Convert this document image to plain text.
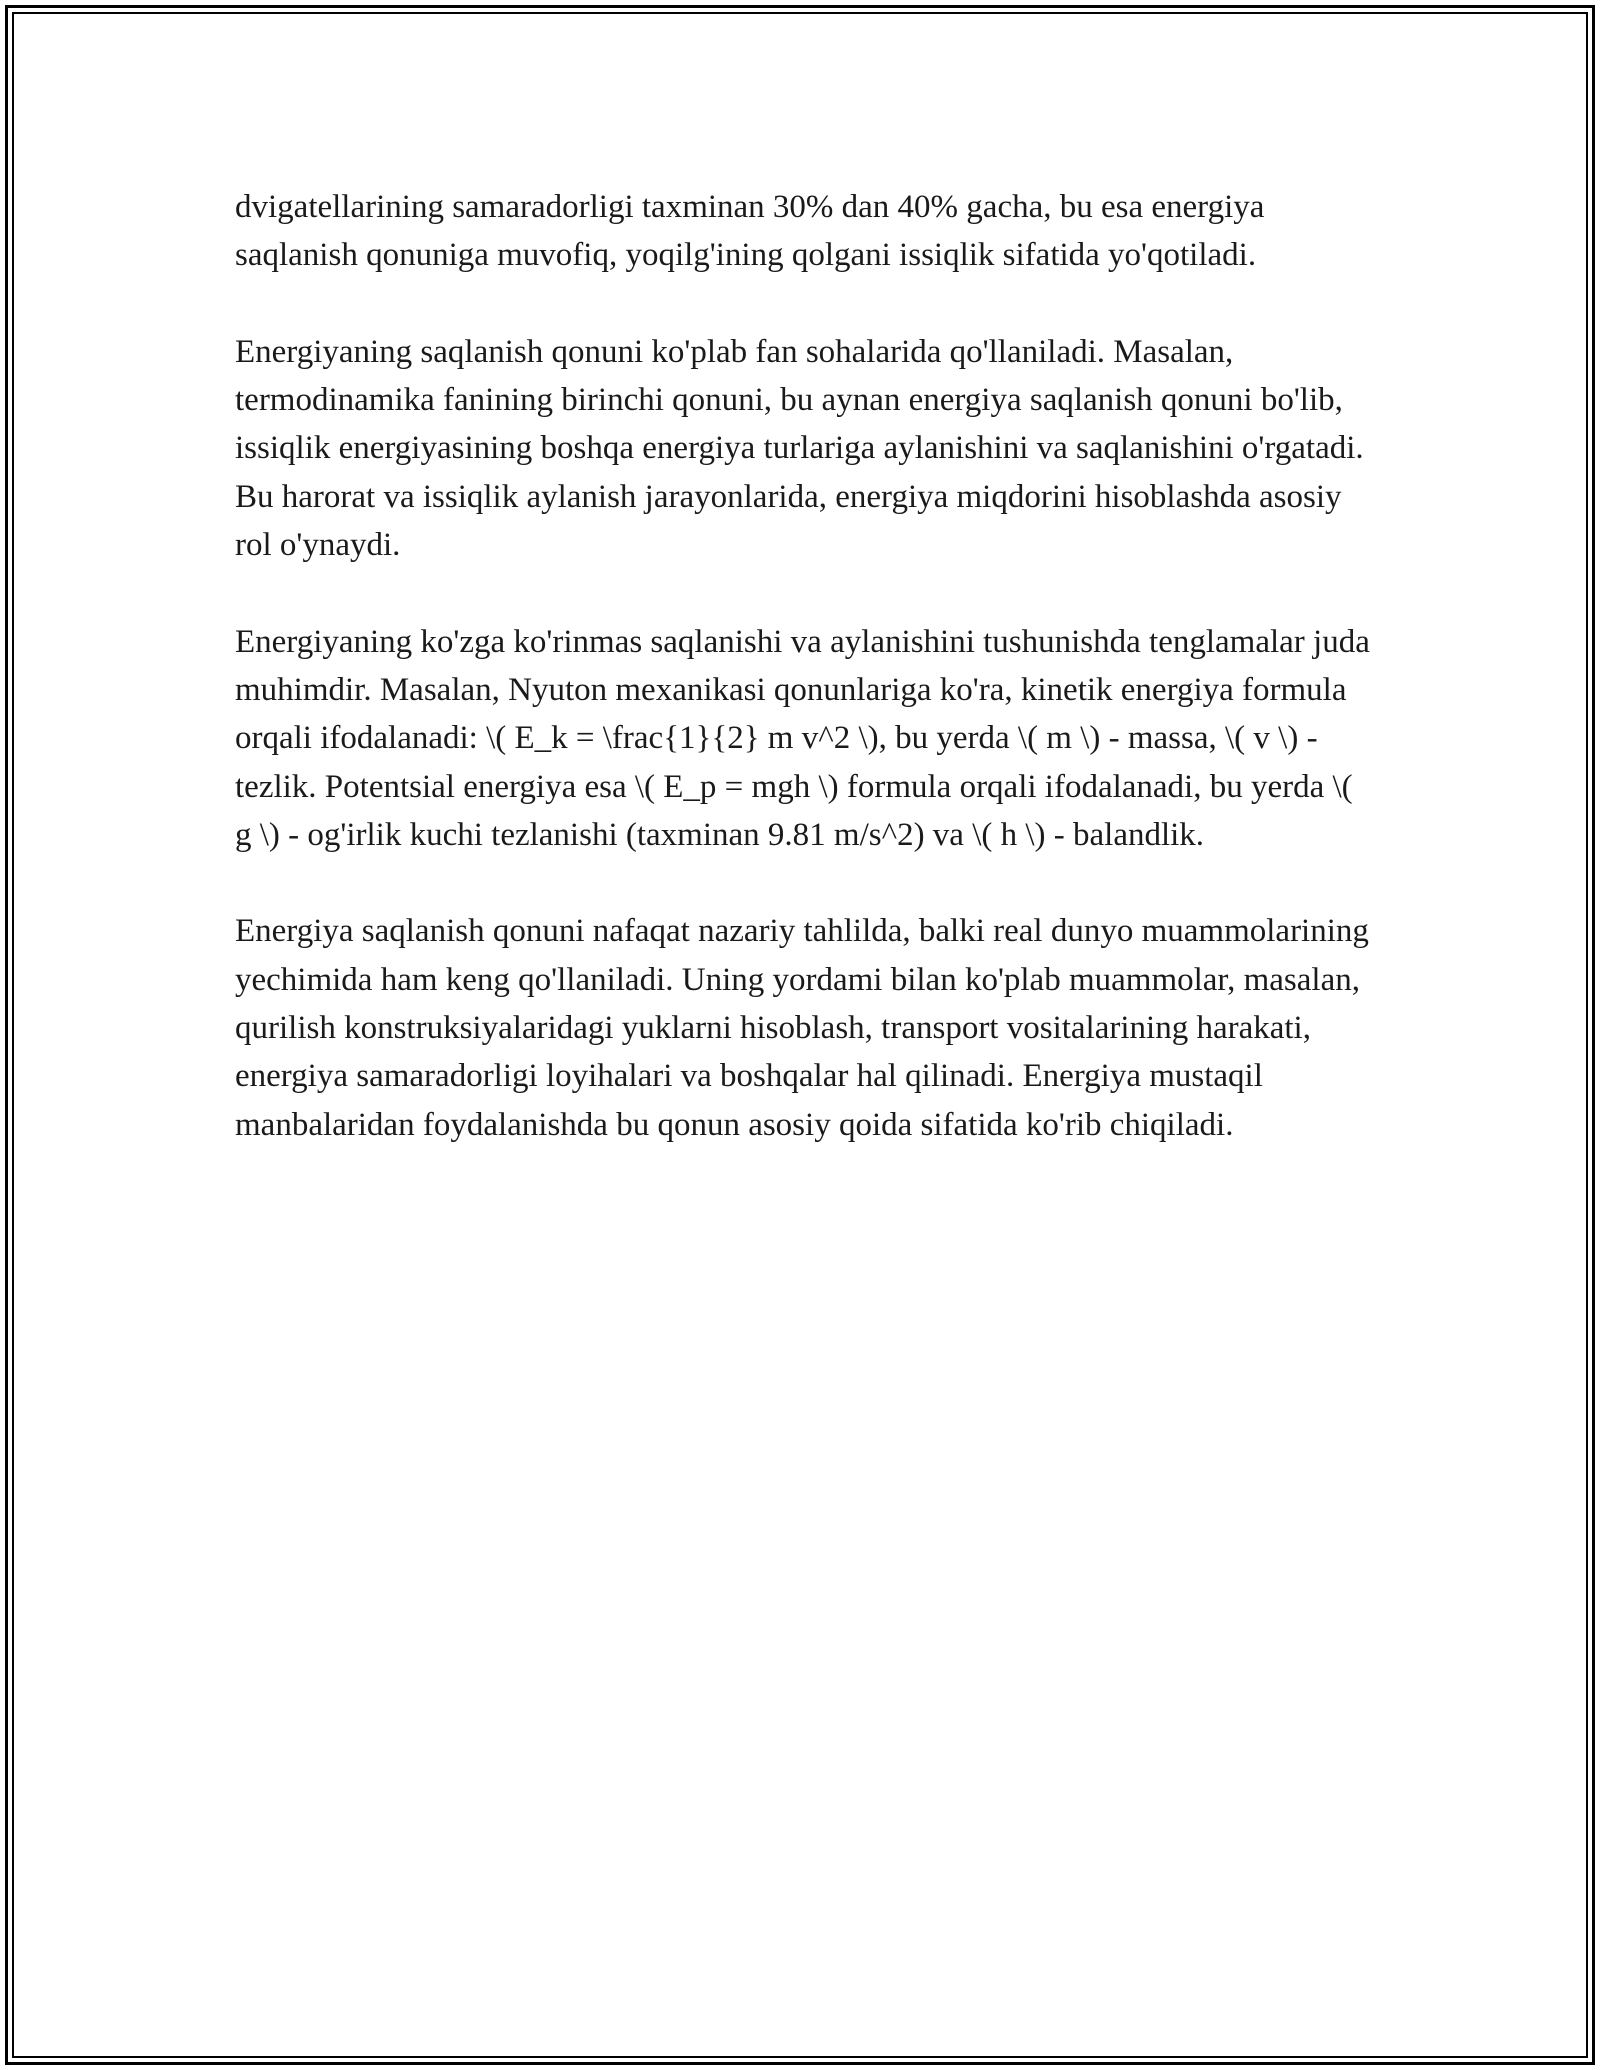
dvigatellarining samaradorligi taxminan 30% dan 40% gacha, bu esa energiya saqlanish qonuniga muvofiq, yoqilg'ining qolgani issiqlik sifatida yo'qotiladi.

Energiyaning saqlanish qonuni ko'plab fan sohalarida qo'llaniladi. Masalan, termodinamika fanining birinchi qonuni, bu aynan energiya saqlanish qonuni bo'lib, issiqlik energiyasining boshqa energiya turlariga aylanishini va saqlanishini o'rgatadi. Bu harorat va issiqlik aylanish jarayonlarida, energiya miqdorini hisoblashda asosiy rol o'ynaydi.

Energiyaning ko'zga ko'rinmas saqlanishi va aylanishini tushunishda tenglamalar juda muhimdir. Masalan, Nyuton mexanikasi qonunlariga ko'ra, kinetik energiya formula orqali ifodalanadi: \( E_k = \frac{1}{2} m v^2 \), bu yerda \( m \) - massa, \( v \) - tezlik. Potentsial energiya esa \( E_p = mgh \) formula orqali ifodalanadi, bu yerda \( g \) - og'irlik kuchi tezlanishi (taxminan 9.81 m/s^2) va \( h \) - balandlik.

Energiya saqlanish qonuni nafaqat nazariy tahlilda, balki real dunyo muammolarining yechimida ham keng qo'llaniladi. Uning yordami bilan ko'plab muammolar, masalan, qurilish konstruksiyalaridagi yuklarni hisoblash, transport vositalarining harakati, energiya samaradorligi loyihalari va boshqalar hal qilinadi. Energiya mustaqil manbalaridan foydalanishda bu qonun asosiy qoida sifatida ko'rib chiqiladi.
